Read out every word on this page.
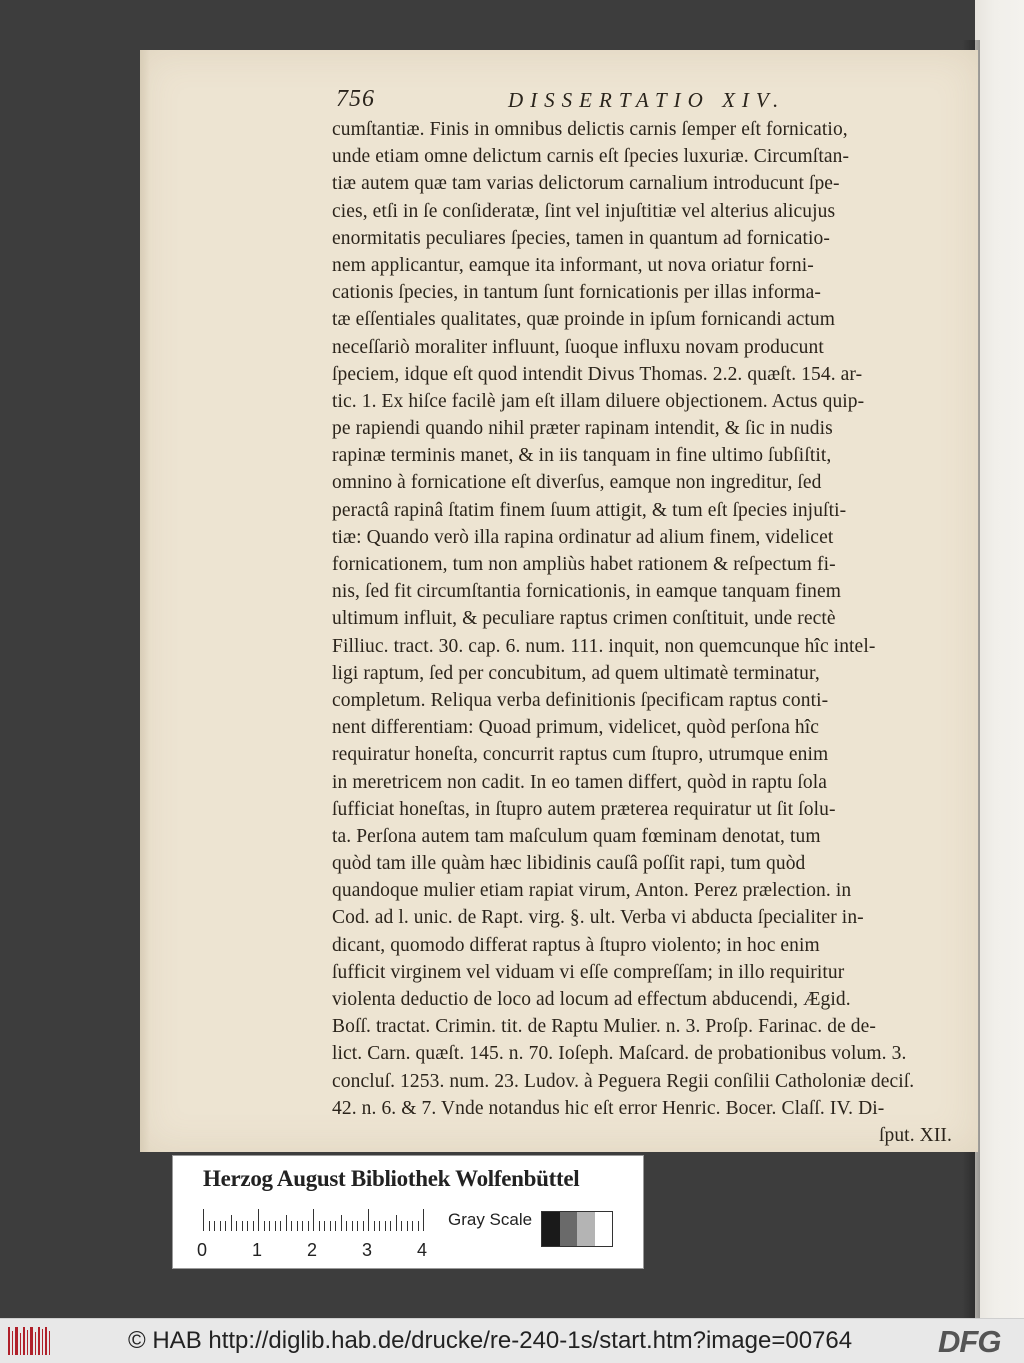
756	DISSERTATIO XIV.
cumſtantiæ. Finis in omnibus delictis carnis ſemper eſt fornicatio,
unde etiam omne delictum carnis eſt ſpecies luxuriæ. Circumſtan-
tiæ autem quæ tam varias delictorum carnalium introducunt ſpe-
cies, etſi in ſe conſideratæ, ſint vel injuſtitiæ vel alterius alicujus
enormitatis peculiares ſpecies, tamen in quantum ad fornicatio-
nem applicantur, eamque ita informant, ut nova oriatur forni-
cationis ſpecies, in tantum ſunt fornicationis per illas informa-
tæ eſſentiales qualitates, quæ proinde in ipſum fornicandi actum
neceſſariò moraliter influunt, ſuoque influxu novam producunt
ſpeciem, idque eſt quod intendit Divus Thomas. 2.2. quæſt. 154. ar-
tic. 1. Ex hiſce facilè jam eſt illam diluere objectionem. Actus quip-
pe rapiendi quando nihil præter rapinam intendit, & ſic in nudis
rapinæ terminis manet, & in iis tanquam in fine ultimo ſubſiſtit,
omnino à fornicatione eſt diverſus, eamque non ingreditur, ſed
peractâ rapinâ ſtatim finem ſuum attigit, & tum eſt ſpecies injuſti-
tiæ: Quando verò illa rapina ordinatur ad alium finem, videlicet
fornicationem, tum non ampliùs habet rationem & reſpectum fi-
nis, ſed fit circumſtantia fornicationis, in eamque tanquam finem
ultimum influit, & peculiare raptus crimen conſtituit, unde rectè
Filliuc. tract. 30. cap. 6. num. 111. inquit, non quemcunque hîc intel-
ligi raptum, ſed per concubitum, ad quem ultimatè terminatur,
completum. Reliqua verba definitionis ſpecificam raptus conti-
nent differentiam: Quoad primum, videlicet, quòd perſona hîc
requiratur honeſta, concurrit raptus cum ſtupro, utrumque enim
in meretricem non cadit. In eo tamen differt, quòd in raptu ſola
ſufficiat honeſtas, in ſtupro autem præterea requiratur ut ſit ſolu-
ta. Perſona autem tam maſculum quam fœminam denotat, tum
quòd tam ille quàm hæc libidinis cauſâ poſſit rapi, tum quòd
quandoque mulier etiam rapiat virum, Anton. Perez prælection. in
Cod. ad l. unic. de Rapt. virg. §. ult. Verba vi abducta ſpecialiter in-
dicant, quomodo differat raptus à ſtupro violento; in hoc enim
ſufficit virginem vel viduam vi eſſe compreſſam; in illo requiritur
violenta deductio de loco ad locum ad effectum abducendi, Ægid.
Boſſ. tractat. Crimin. tit. de Raptu Mulier. n. 3. Proſp. Farinac. de de-
lict. Carn. quæſt. 145. n. 70. Ioſeph. Maſcard. de probationibus volum. 3.
concluſ. 1253. num. 23. Ludov. à Peguera Regii conſilii Catholoniæ deciſ.
42. n. 6. & 7. Vnde notandus hic eſt error Henric. Bocer. Claſſ. IV. Di-
ſput. XII.
Herzog August Bibliothek Wolfenbüttel
0 1 2 3 4
Gray Scale
© HAB http://diglib.hab.de/drucke/re-240-1s/start.htm?image=00764	DFG
